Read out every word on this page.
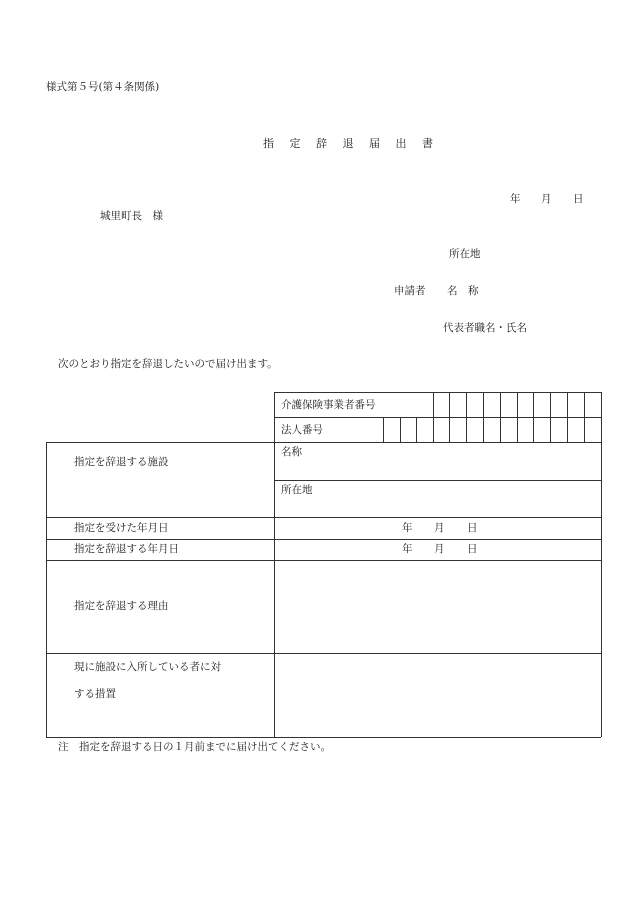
様式第５号(第４条関係)
指 定 辞 退 届 出 書
年 月 日
城里町長　様
所在地
申請者 名　称
代表者職名・氏名
次のとおり指定を辞退したいので届け出ます。
介護保険事業者番号
法人番号
指定を辞退する施設
名称
所在地
指定を受けた年月日	年 月 日
指定を辞退する年月日	年 月 日
指定を辞退する理由
現に施設に入所している者に対
する措置
注　指定を辞退する日の１月前までに届け出てください。
